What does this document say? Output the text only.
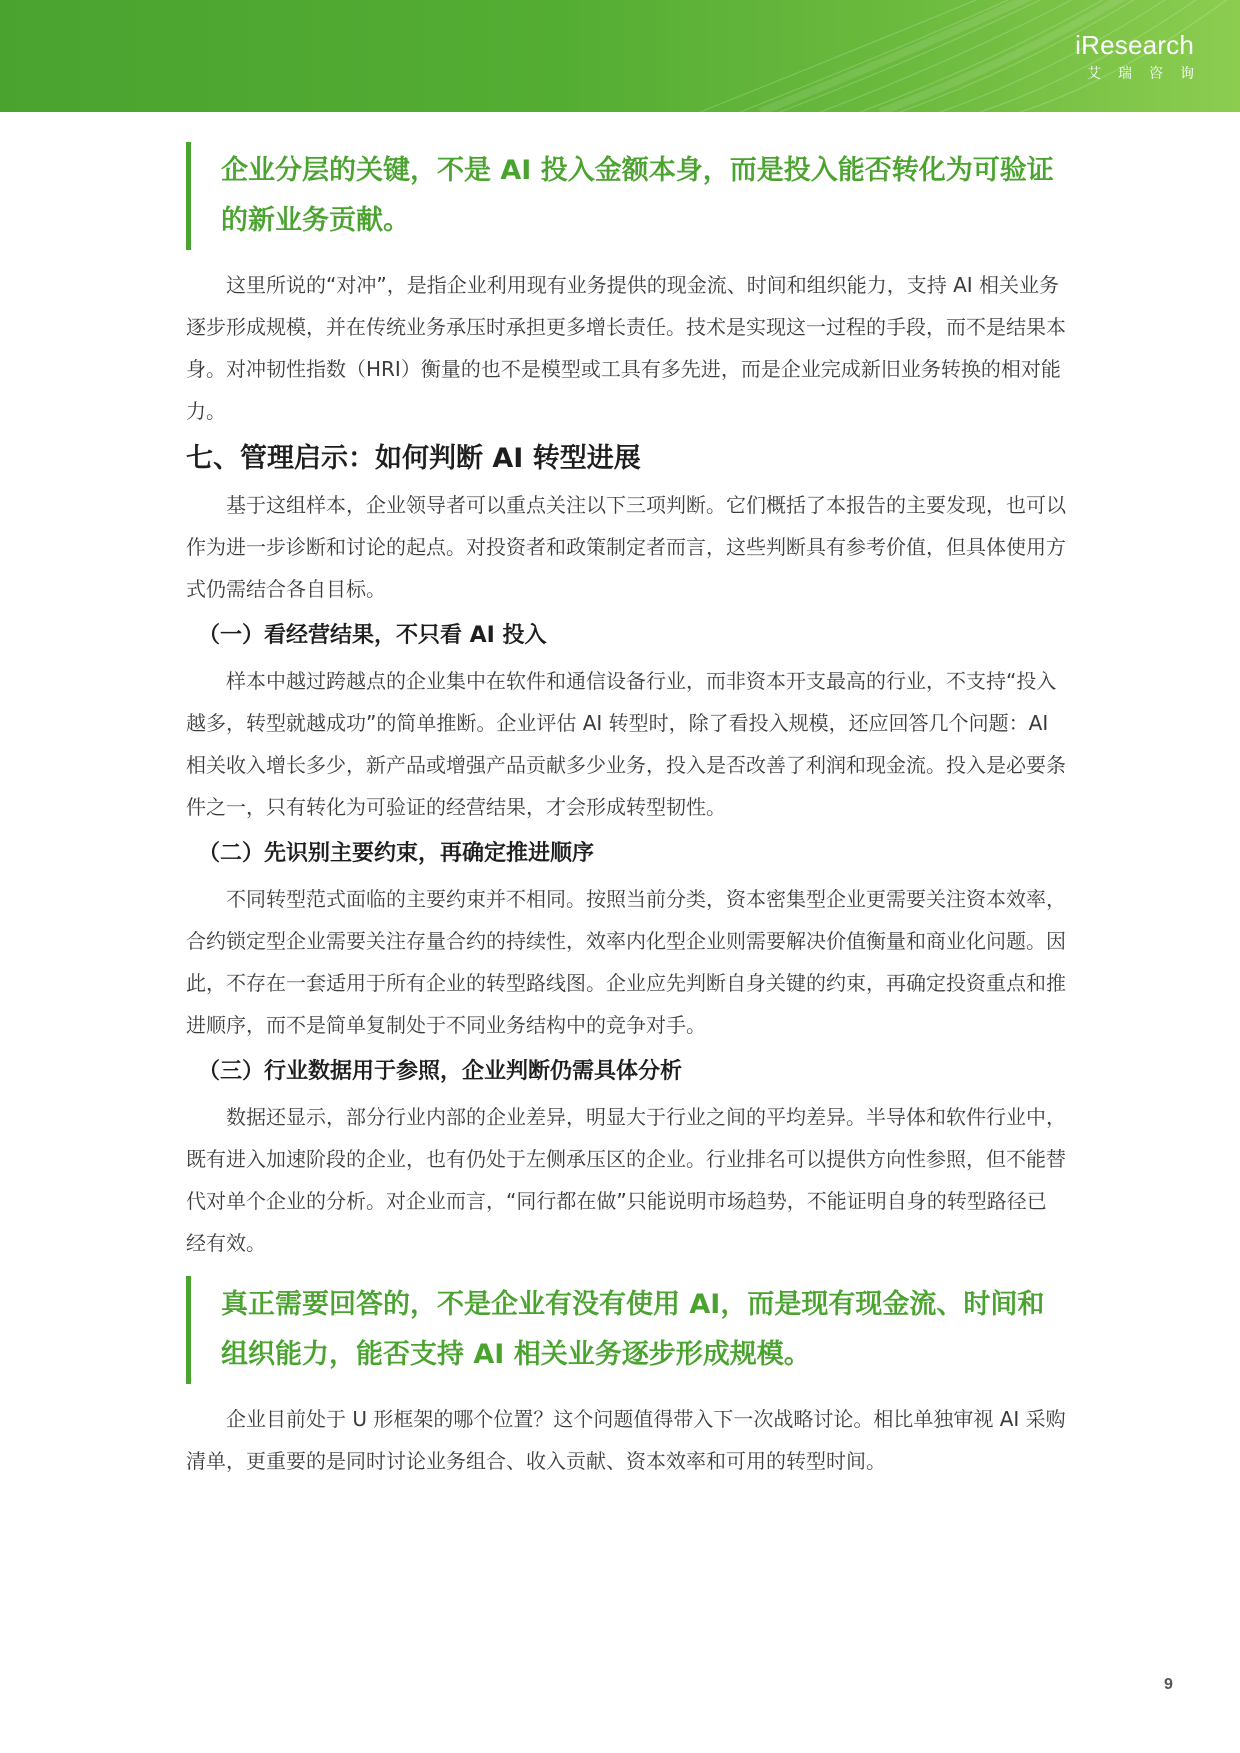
iResearch
艾瑞咨询
企业分层的关键，不是 AI 投入金额本身，而是投入能否转化为可验证
的新业务贡献。

这里所说的“对冲”，是指企业利用现有业务提供的现金流、时间和组织能力，支持 AI 相关业务逐步形成规模，并在传统业务承压时承担更多增长责任。技术是实现这一过程的手段，而不是结果本身。对冲韧性指数（HRI）衡量的也不是模型或工具有多先进，而是企业完成新旧业务转换的相对能力。

七、管理启示：如何判断 AI 转型进展

基于这组样本，企业领导者可以重点关注以下三项判断。它们概括了本报告的主要发现，也可以作为进一步诊断和讨论的起点。对投资者和政策制定者而言，这些判断具有参考价值，但具体使用方式仍需结合各自目标。

（一）看经营结果，不只看 AI 投入

样本中越过跨越点的企业集中在软件和通信设备行业，而非资本开支最高的行业，不支持“投入越多，转型就越成功”的简单推断。企业评估 AI 转型时，除了看投入规模，还应回答几个问题：AI 相关收入增长多少，新产品或增强产品贡献多少业务，投入是否改善了利润和现金流。投入是必要条件之一，只有转化为可验证的经营结果，才会形成转型韧性。

（二）先识别主要约束，再确定推进顺序

不同转型范式面临的主要约束并不相同。按照当前分类，资本密集型企业更需要关注资本效率，合约锁定型企业需要关注存量合约的持续性，效率内化型企业则需要解决价值衡量和商业化问题。因此，不存在一套适用于所有企业的转型路线图。企业应先判断自身关键的约束，再确定投资重点和推进顺序，而不是简单复制处于不同业务结构中的竞争对手。

（三）行业数据用于参照，企业判断仍需具体分析

数据还显示，部分行业内部的企业差异，明显大于行业之间的平均差异。半导体和软件行业中，既有进入加速阶段的企业，也有仍处于左侧承压区的企业。行业排名可以提供方向性参照，但不能替代对单个企业的分析。对企业而言，“同行都在做”只能说明市场趋势，不能证明自身的转型路径已经有效。

真正需要回答的，不是企业有没有使用 AI，而是现有现金流、时间和
组织能力，能否支持 AI 相关业务逐步形成规模。

企业目前处于 U 形框架的哪个位置？这个问题值得带入下一次战略讨论。相比单独审视 AI 采购清单，更重要的是同时讨论业务组合、收入贡献、资本效率和可用的转型时间。

9
